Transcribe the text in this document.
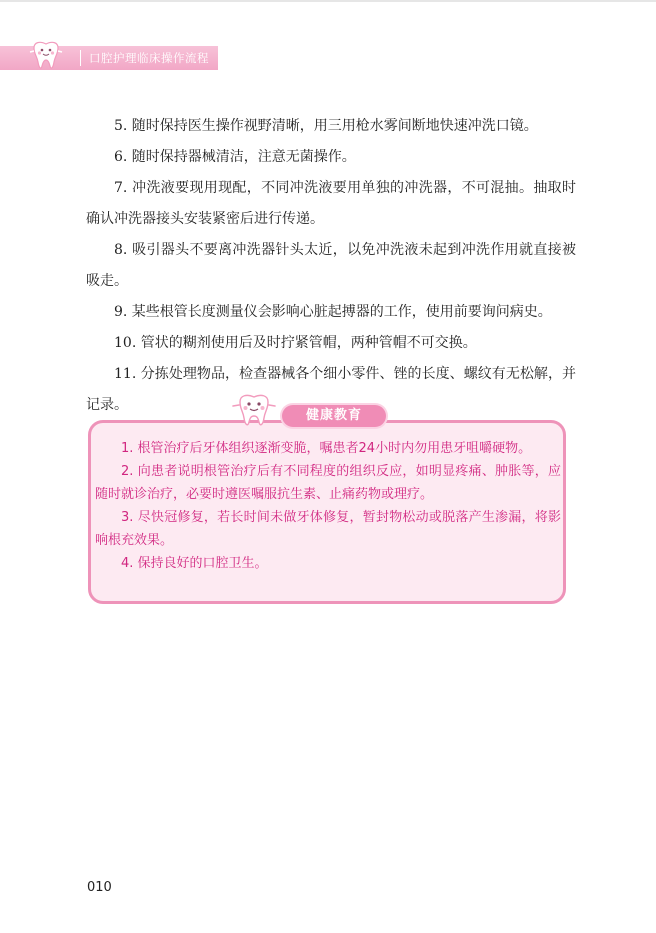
口腔护理临床操作流程

5. 随时保持医生操作视野清晰，用三用枪水雾间断地快速冲洗口镜。

6. 随时保持器械清洁，注意无菌操作。

7. 冲洗液要现用现配，不同冲洗液要用单独的冲洗器，不可混抽。抽取时确认冲洗器接头安装紧密后进行传递。

8. 吸引器头不要离冲洗器针头太近，以免冲洗液未起到冲洗作用就直接被吸走。

9. 某些根管长度测量仪会影响心脏起搏器的工作，使用前要询问病史。

10. 管状的糊剂使用后及时拧紧管帽，两种管帽不可交换。

11. 分拣处理物品，检查器械各个细小零件、锉的长度、螺纹有无松解，并记录。

1. 根管治疗后牙体组织逐渐变脆，嘱患者24小时内勿用患牙咀嚼硬物。

2. 向患者说明根管治疗后有不同程度的组织反应，如明显疼痛、肿胀等，应随时就诊治疗，必要时遵医嘱服抗生素、止痛药物或理疗。

3. 尽快冠修复，若长时间未做牙体修复，暂封物松动或脱落产生渗漏，将影响根充效果。

4. 保持良好的口腔卫生。

健康教育
010
